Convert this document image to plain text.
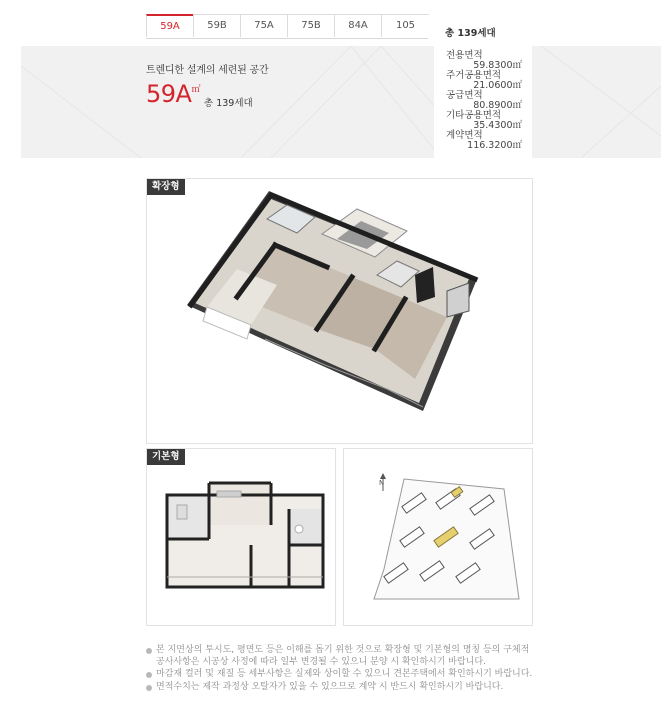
59A	59B	75A	75B	84A	105
트렌디한 설계의 세련된 공간
59A㎡
총 139세대
총 139세대
전용면적
59.8300㎡
주거공용면적
21.0600㎡
공급면적
80.8900㎡
기타공용면적
35.4300㎡
계약면적
116.3200㎡
확장형
기본형
N
본 지면상의 투시도, 평면도 등은 이해를 돕기 위한 것으로 확장형 및 기본형의 명칭 등의 구체적 공사사항은 시공상 사정에 따라 일부 변경될 수 있으니 분양 시 확인하시기 바랍니다.
마감재 컬러 및 재질 등 세부사항은 실제와 상이할 수 있으니 견본주택에서 확인하시기 바랍니다.
면적수치는 제작 과정상 오탈자가 있을 수 있으므로 계약 시 반드시 확인하시기 바랍니다.
